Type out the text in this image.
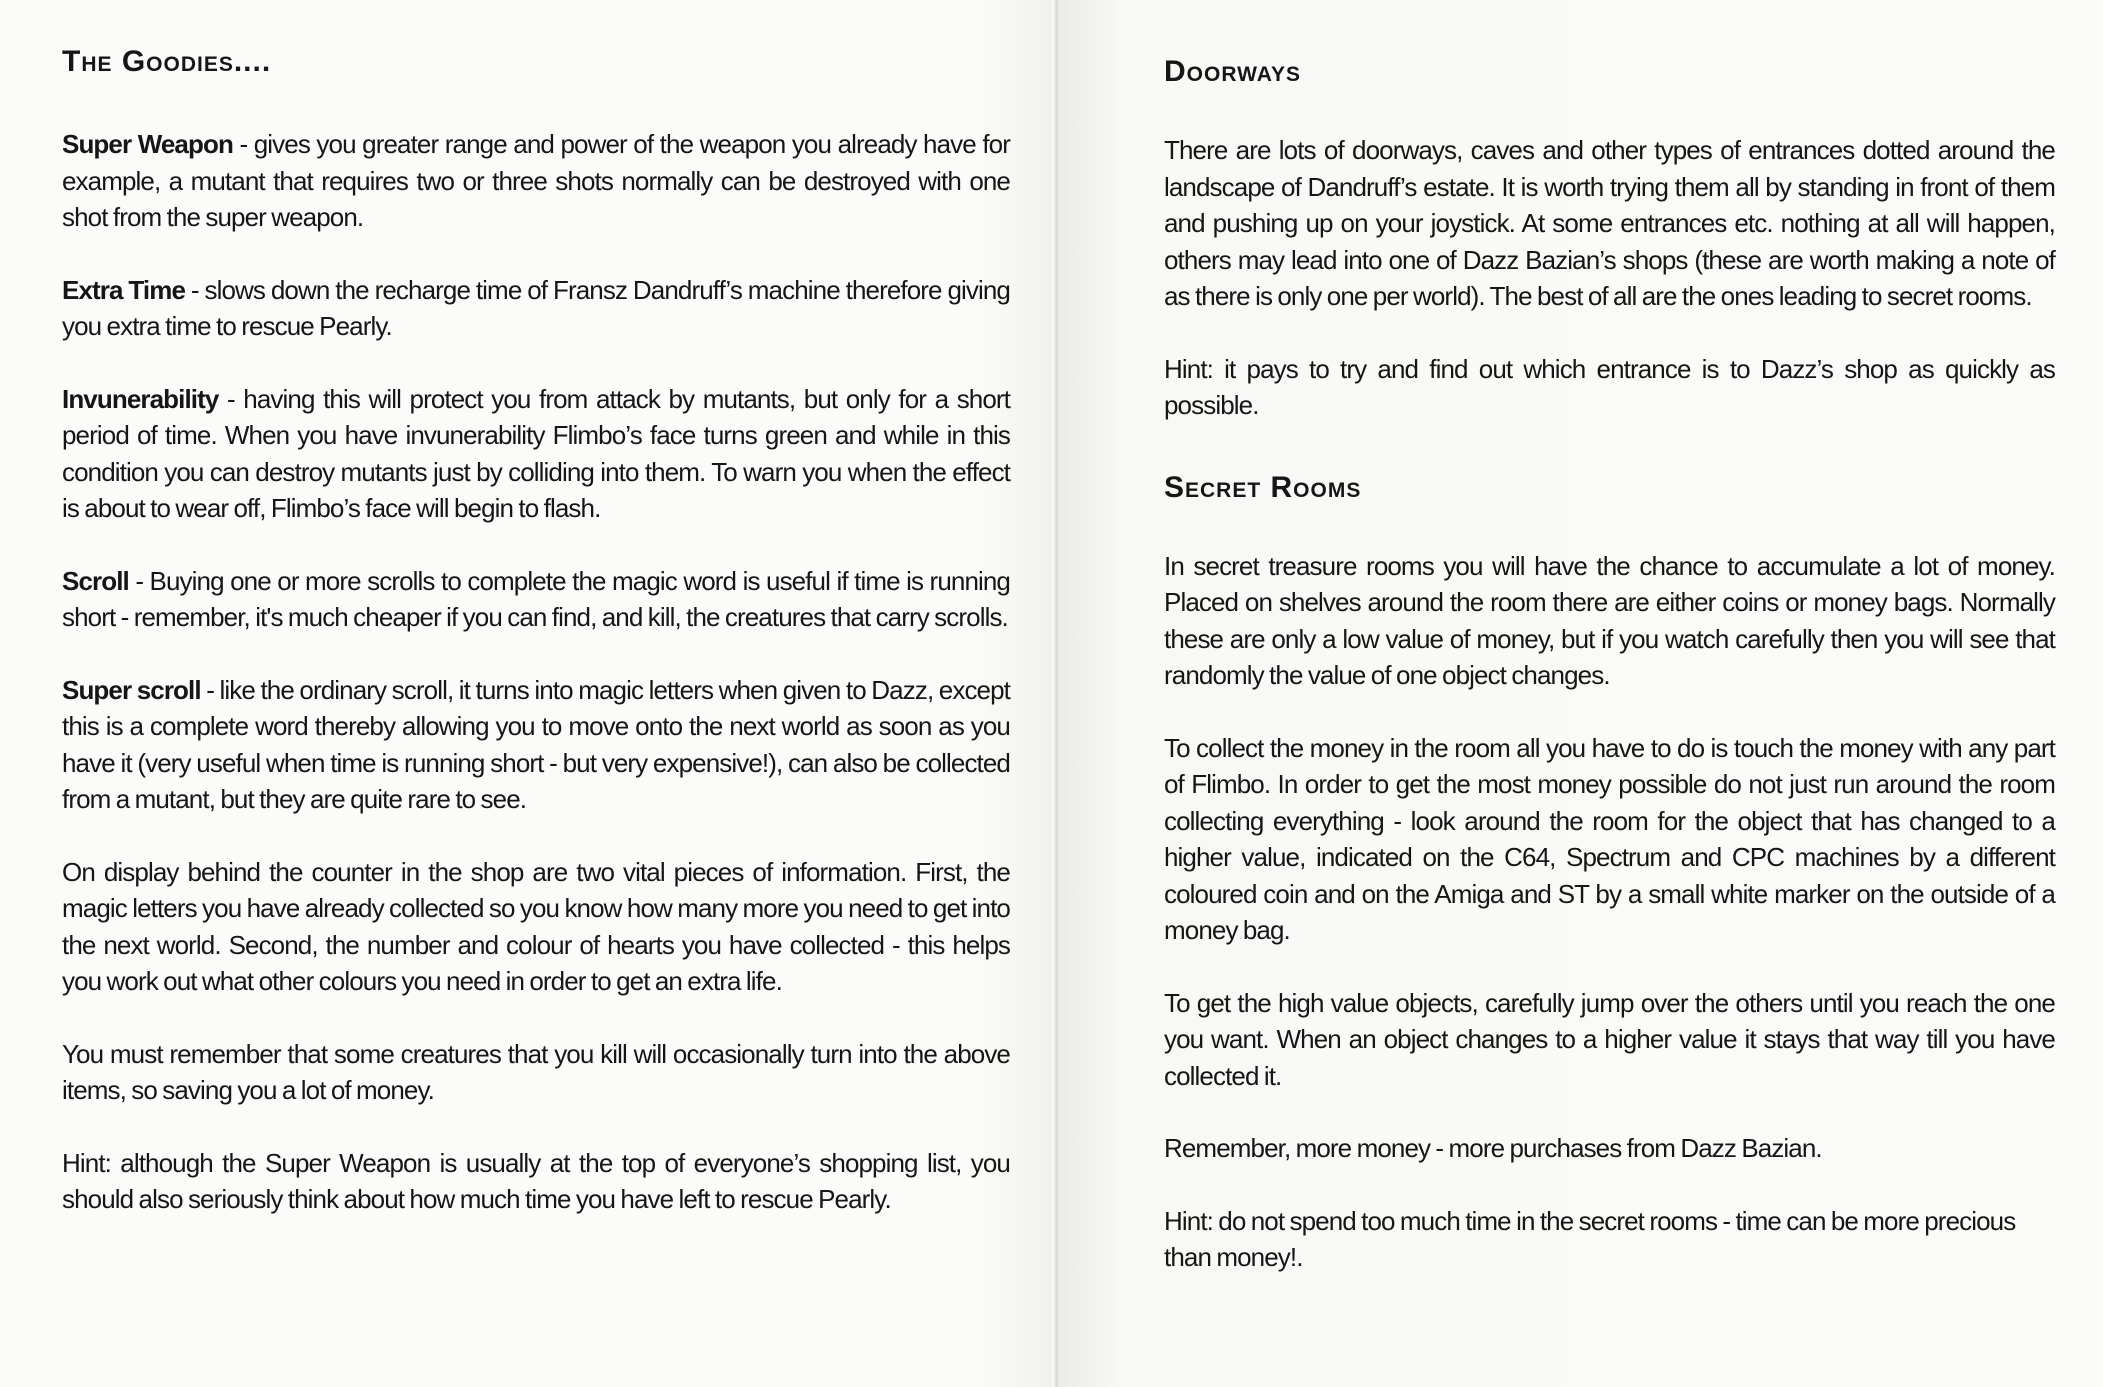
The Goodies....

Super Weapon - gives you greater range and power of the weapon you already have for example, a mutant that requires two or three shots normally can be destroyed with one shot from the super weapon.

Extra Time - slows down the recharge time of Fransz Dandruff’s machine therefore giving you extra time to rescue Pearly.

Invunerability - having this will protect you from attack by mutants, but only for a short period of time. When you have invunerability Flimbo’s face turns green and while in this condition you can destroy mutants just by colliding into them. To warn you when the effect is about to wear off, Flimbo’s face will begin to flash.

Scroll - Buying one or more scrolls to complete the magic word is useful if time is running short - remember, it's much cheaper if you can find, and kill, the creatures that carry scrolls.

Super scroll - like the ordinary scroll, it turns into magic letters when given to Dazz, except this is a complete word thereby allowing you to move onto the next world as soon as you have it (very useful when time is running short - but very expensive!), can also be collected from a mutant, but they are quite rare to see.

On display behind the counter in the shop are two vital pieces of information. First, the magic letters you have already collected so you know how many more you need to get into the next world. Second, the number and colour of hearts you have collected - this helps you work out what other colours you need in order to get an extra life.

You must remember that some creatures that you kill will occasionally turn into the above items, so saving you a lot of money.

Hint: although the Super Weapon is usually at the top of everyone’s shopping list, you should also seriously think about how much time you have left to rescue Pearly.

Doorways

There are lots of doorways, caves and other types of entrances dotted around the landscape of Dandruff’s estate. It is worth trying them all by standing in front of them and pushing up on your joystick. At some entrances etc. nothing at all will happen, others may lead into one of Dazz Bazian’s shops (these are worth making a note of as there is only one per world). The best of all are the ones leading to secret rooms.

Hint: it pays to try and find out which entrance is to Dazz’s shop as quickly as possible.

Secret Rooms

In secret treasure rooms you will have the chance to accumulate a lot of money. Placed on shelves around the room there are either coins or money bags. Normally these are only a low value of money, but if you watch carefully then you will see that randomly the value of one object changes.

To collect the money in the room all you have to do is touch the money with any part of Flimbo. In order to get the most money possible do not just run around the room collecting everything - look around the room for the object that has changed to a higher value, indicated on the C64, Spectrum and CPC machines by a different coloured coin and on the Amiga and ST by a small white marker on the outside of a money bag.

To get the high value objects, carefully jump over the others until you reach the one you want. When an object changes to a higher value it stays that way till you have collected it.

Remember, more money - more purchases from Dazz Bazian.

Hint: do not spend too much time in the secret rooms - time can be more precious than money!.
